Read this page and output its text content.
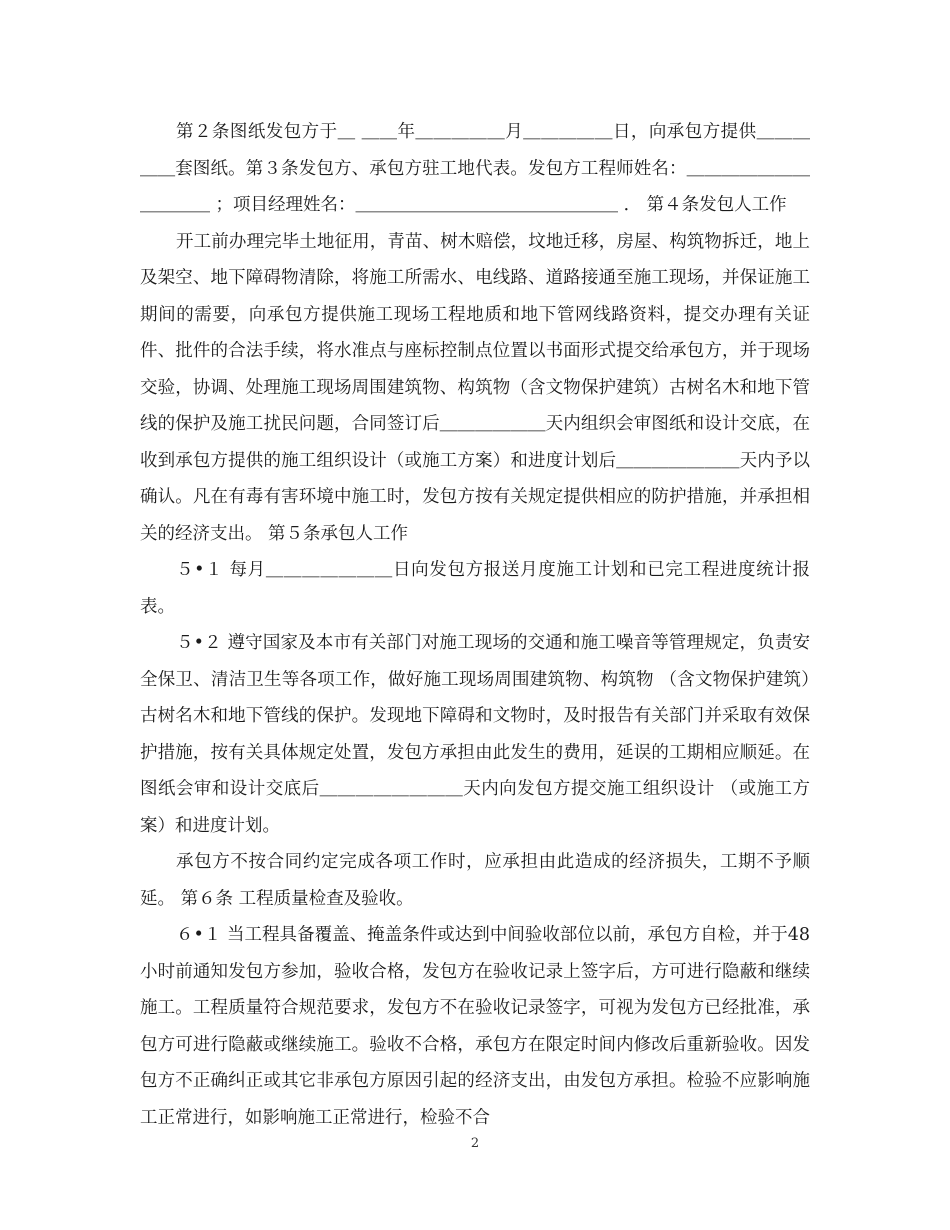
第２条图纸发包方于＿ ＿＿年＿＿＿＿＿月＿＿＿＿＿日，向承包方提供＿＿＿＿＿套图纸。第３条发包方、承包方驻工地代表。发包方工程师姓名：＿＿＿＿＿＿＿＿＿＿＿ ；项目经理姓名：＿＿＿＿＿＿＿＿＿＿＿＿＿＿＿ ． 第４条发包人工作

开工前办理完毕土地征用，青苗、树木赔偿，坟地迁移，房屋、构筑物拆迁，地上及架空、地下障碍物清除，将施工所需水、电线路、道路接通至施工现场，并保证施工期间的需要，向承包方提供施工现场工程地质和地下管网线路资料，提交办理有关证件、批件的合法手续，将水准点与座标控制点位置以书面形式提交给承包方，并于现场交验，协调、处理施工现场周围建筑物、构筑物（含文物保护建筑）古树名木和地下管线的保护及施工扰民问题，合同签订后＿＿＿＿＿＿天内组织会审图纸和设计交底，在收到承包方提供的施工组织设计（或施工方案）和进度计划后＿＿＿＿＿＿＿天内予以确认。凡在有毒有害环境中施工时，发包方按有关规定提供相应的防护措施，并承担相关的经济支出。 第５条承包人工作

５•１ 每月＿＿＿＿＿＿＿日向发包方报送月度施工计划和已完工程进度统计报表。

５•２ 遵守国家及本市有关部门对施工现场的交通和施工噪音等管理规定，负责安全保卫、清洁卫生等各项工作，做好施工现场周围建筑物、构筑物 （含文物保护建筑）古树名木和地下管线的保护。发现地下障碍和文物时，及时报告有关部门并采取有效保护措施，按有关具体规定处置，发包方承担由此发生的费用，延误的工期相应顺延。在图纸会审和设计交底后＿＿＿＿＿＿＿＿天内向发包方提交施工组织设计 （或施工方案）和进度计划。

承包方不按合同约定完成各项工作时，应承担由此造成的经济损失，工期不予顺延。 第６条 工程质量检查及验收。

６•１ 当工程具备覆盖、掩盖条件或达到中间验收部位以前，承包方自检，并于48小时前通知发包方参加，验收合格，发包方在验收记录上签字后，方可进行隐蔽和继续施工。工程质量符合规范要求，发包方不在验收记录签字，可视为发包方已经批准，承包方可进行隐蔽或继续施工。验收不合格，承包方在限定时间内修改后重新验收。因发包方不正确纠正或其它非承包方原因引起的经济支出，由发包方承担。检验不应影响施工正常进行，如影响施工正常进行，检验不合

2
